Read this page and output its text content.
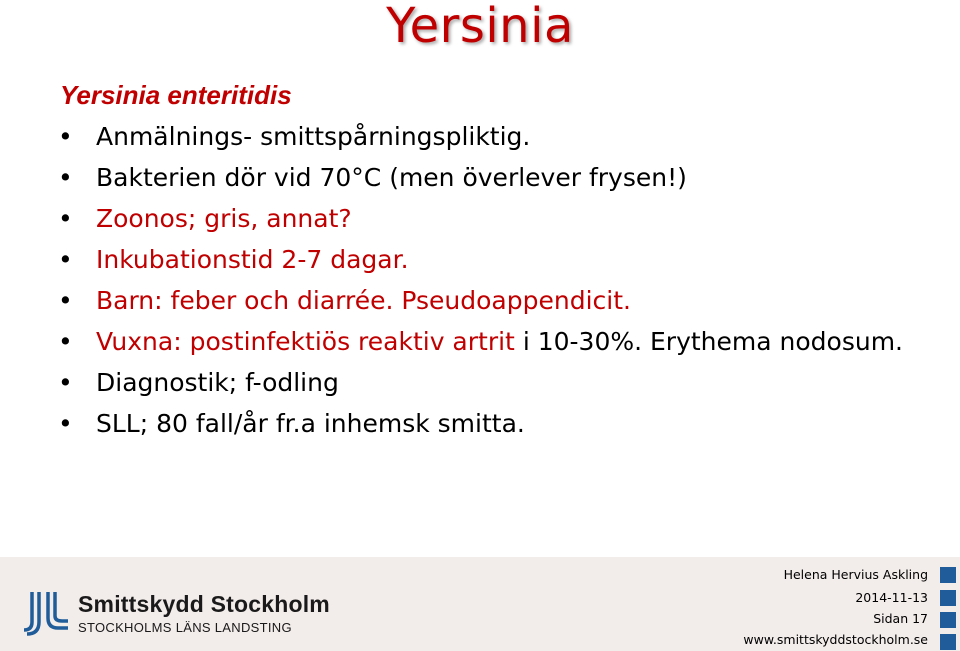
Yersinia
Yersinia enteritidis
• Anmälnings- smittspårningspliktig.
• Bakterien dör vid 70°C (men överlever frysen!)
• Zoonos; gris, annat?
• Inkubationstid 2-7 dagar.
• Barn: feber och diarrée. Pseudoappendicit.
• Vuxna: postinfektiös reaktiv artrit i 10-30%. Erythema nodosum.
• Diagnostik; f-odling
• SLL; 80 fall/år fr.a inhemsk smitta.
Smittskydd Stockholm
STOCKHOLMS LÄNS LANDSTING
Helena Hervius Askling
2014-11-13
Sidan 17
www.smittskyddstockholm.se
